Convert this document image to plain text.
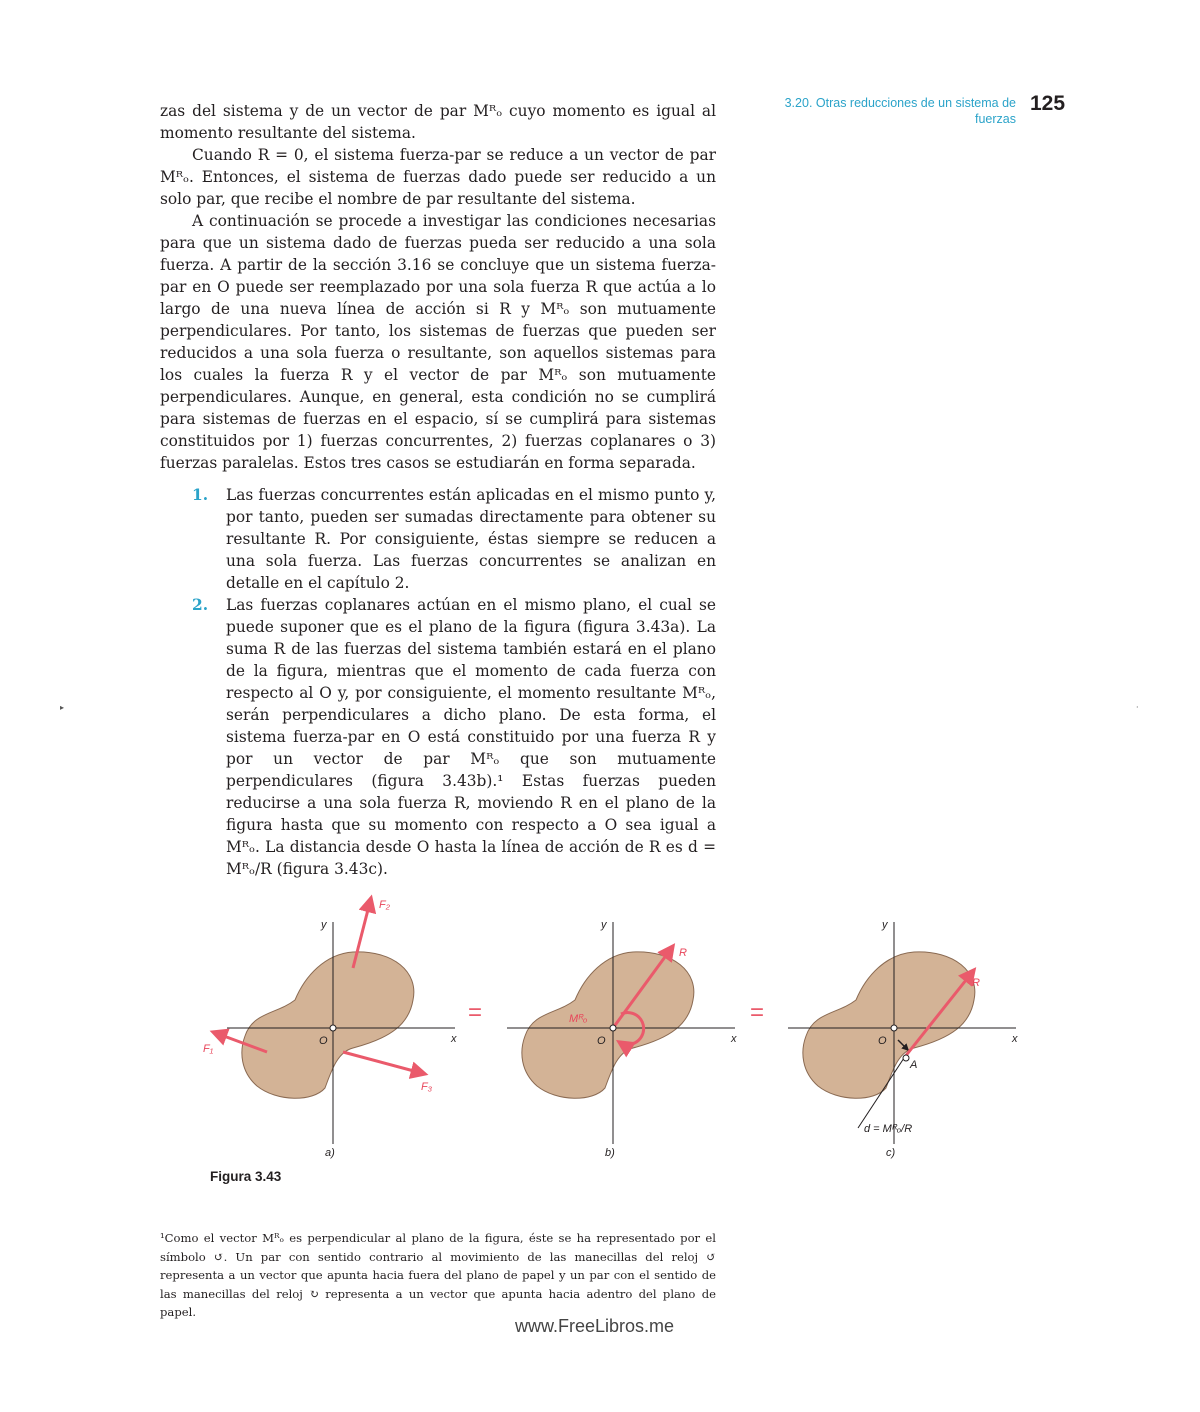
3.20. Otras reducciones de un sistema de fuerzas
125
▸	·

zas del sistema y de un vector de par Mᴿₒ cuyo momento es igual al momento resultante del sistema.

Cuando R = 0, el sistema fuerza-par se reduce a un vector de par Mᴿₒ. Entonces, el sistema de fuerzas dado puede ser reducido a un solo par, que recibe el nombre de par resultante del sistema.

A continuación se procede a investigar las condiciones necesarias para que un sistema dado de fuerzas pueda ser reducido a una sola fuerza. A partir de la sección 3.16 se concluye que un sistema fuerza-par en O puede ser reemplazado por una sola fuerza R que actúa a lo largo de una nueva línea de acción si R y Mᴿₒ son mutuamente perpendiculares. Por tanto, los sistemas de fuerzas que pueden ser reducidos a una sola fuerza o resultante, son aquellos sistemas para los cuales la fuerza R y el vector de par Mᴿₒ son mutuamente perpendiculares. Aunque, en general, esta condición no se cumplirá para sistemas de fuerzas en el espacio, sí se cumplirá para sistemas constituidos por 1) fuerzas concurrentes, 2) fuerzas coplanares o 3) fuerzas paralelas. Estos tres casos se estudiarán en forma separada.

1. Las fuerzas concurrentes están aplicadas en el mismo punto y, por tanto, pueden ser sumadas directamente para obtener su resultante R. Por consiguiente, éstas siempre se reducen a una sola fuerza. Las fuerzas concurrentes se analizan en detalle en el capítulo 2.

2. Las fuerzas coplanares actúan en el mismo plano, el cual se puede suponer que es el plano de la figura (figura 3.43a). La suma R de las fuerzas del sistema también estará en el plano de la figura, mientras que el momento de cada fuerza con respecto al O y, por consiguiente, el momento resultante Mᴿₒ, serán perpendiculares a dicho plano. De esta forma, el sistema fuerza-par en O está constituido por una fuerza R y por un vector de par Mᴿₒ que son mutuamente perpendiculares (figura 3.43b).¹ Estas fuerzas pueden reducirse a una sola fuerza R, moviendo R en el plano de la figura hasta que su momento con respecto a O sea igual a Mᴿₒ. La distancia desde O hasta la línea de acción de R es d = Mᴿₒ/R (figura 3.43c).

O
y
x
F₂
F₁
F₃
a)
=
O
y
x
R
Mᴿₒ
b)
=
O
y
x
A
R
d = Mᴿₒ/R
c)
Figura 3.43
¹Como el vector Mᴿₒ es perpendicular al plano de la figura, éste se ha representado por el símbolo ↺. Un par con sentido contrario al movimiento de las manecillas del reloj ↺ representa a un vector que apunta hacia fuera del plano de papel y un par con el sentido de las manecillas del reloj ↻ representa a un vector que apunta hacia adentro del plano de papel.
www.FreeLibros.me
